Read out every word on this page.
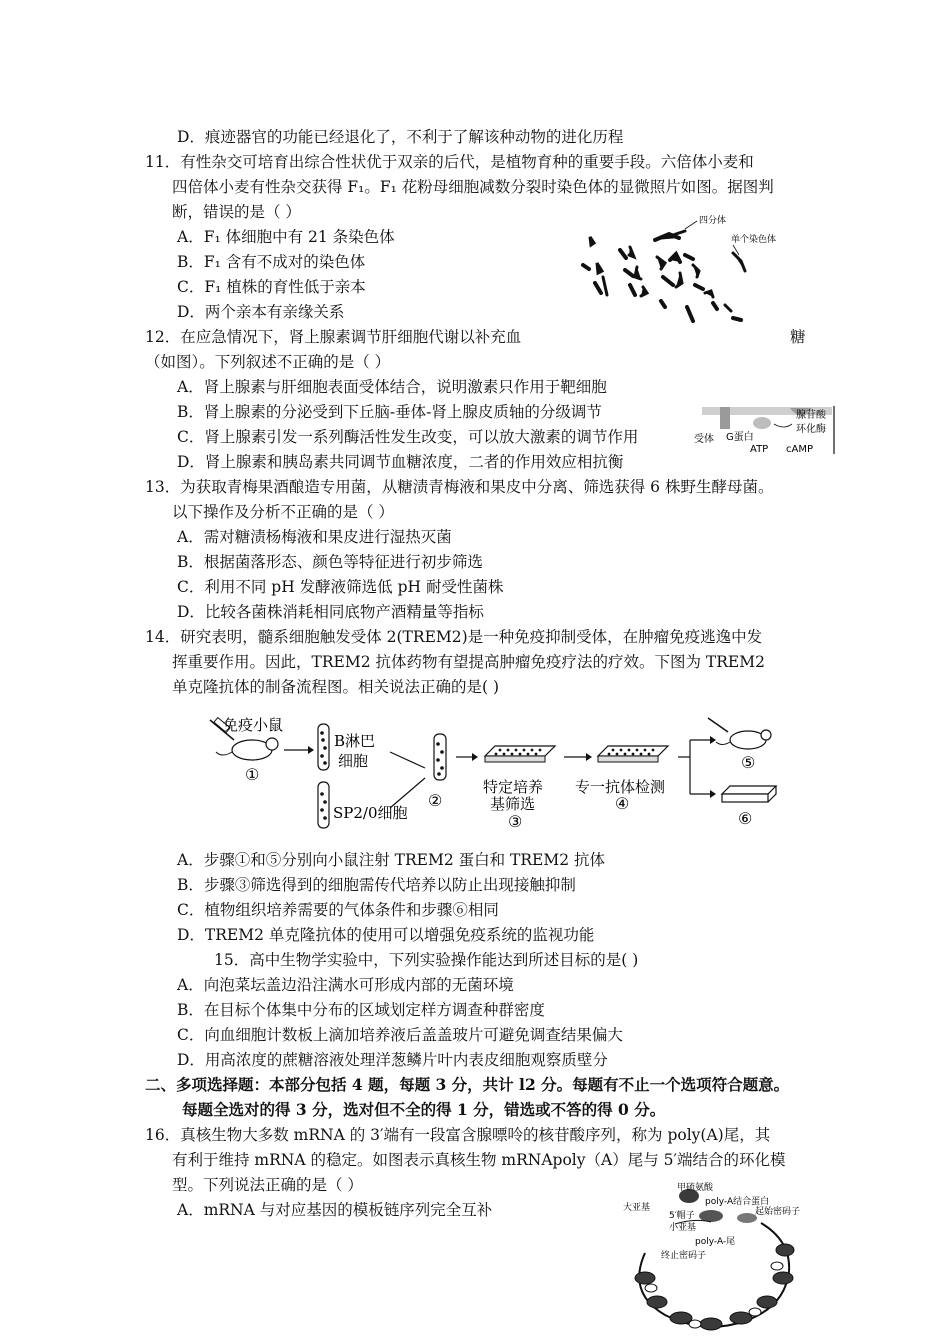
D．痕迹器官的功能已经退化了，不利于了解该种动物的进化历程
11．有性杂交可培育出综合性状优于双亲的后代，是植物育种的重要手段。六倍体小麦和
四倍体小麦有性杂交获得 F₁。F₁ 花粉母细胞减数分裂时染色体的显微照片如图。据图判
断，错误的是（ ）
A．F₁ 体细胞中有 21 条染色体
B．F₁ 含有不成对的染色体
C．F₁ 植株的育性低于亲本
D．两个亲本有亲缘关系
四分体
单个染色体
12．在应急情况下，肾上腺素调节肝细胞代谢以补充血	糖
（如图）。下列叙述不正确的是（ ）
A．肾上腺素与肝细胞表面受体结合，说明激素只作用于靶细胞
B．肾上腺素的分泌受到下丘脑-垂体-肾上腺皮质轴的分级调节
C．肾上腺素引发一系列酶活性发生改变，可以放大激素的调节作用
D．肾上腺素和胰岛素共同调节血糖浓度，二者的作用效应相抗衡
受体 G蛋白
ATP
腺苷酸
环化酶
cAMP
13．为获取青梅果酒酿造专用菌，从糖渍青梅液和果皮中分离、筛选获得 6 株野生酵母菌。
以下操作及分析不正确的是（ ）
A．需对糖渍杨梅液和果皮进行湿热灭菌
B．根据菌落形态、颜色等特征进行初步筛选
C．利用不同 pH 发酵液筛选低 pH 耐受性菌株
D．比较各菌株消耗相同底物产酒精量等指标
14．研究表明，髓系细胞触发受体 2(TREM2)是一种免疫抑制受体，在肿瘤免疫逃逸中发
挥重要作用。因此，TREM2 抗体药物有望提高肿瘤免疫疗法的疗效。下图为 TREM2
单克隆抗体的制备流程图。相关说法正确的是( )
免疫小鼠
①
B淋巴
细胞
SP2/0细胞
②
特定培养
基筛选
③
专一抗体检测
④
⑤
⑥
A．步骤①和⑤分别向小鼠注射 TREM2 蛋白和 TREM2 抗体
B．步骤③筛选得到的细胞需传代培养以防止出现接触抑制
C．植物组织培养需要的气体条件和步骤⑥相同
D．TREM2 单克隆抗体的使用可以增强免疫系统的监视功能
15．高中生物学实验中，下列实验操作能达到所述目标的是( )
A．向泡菜坛盖边沿注满水可形成内部的无菌环境
B．在目标个体集中分布的区域划定样方调查种群密度
C．向血细胞计数板上滴加培养液后盖盖玻片可避免调查结果偏大
D．用高浓度的蔗糖溶液处理洋葱鳞片叶内表皮细胞观察质壁分
二、多项选择题：本部分包括 4 题，每题 3 分，共计 l2 分。每题有不止一个选项符合题意。
每题全选对的得 3 分，选对但不全的得 1 分，错选或不答的得 0 分。
16．真核生物大多数 mRNA 的 3′端有一段富含腺嘌呤的核苷酸序列，称为 poly(A)尾，其
有利于维持 mRNA 的稳定。如图表示真核生物 mRNApoly（A）尾与 5′端结合的环化模
型。下列说法正确的是（ ）
A．mRNA 与对应基因的模板链序列完全互补
甲硫氨酸
poly-A结合蛋白
大亚基
5′帽子
小亚基
起始密码子
poly-A-尾
终止密码子
